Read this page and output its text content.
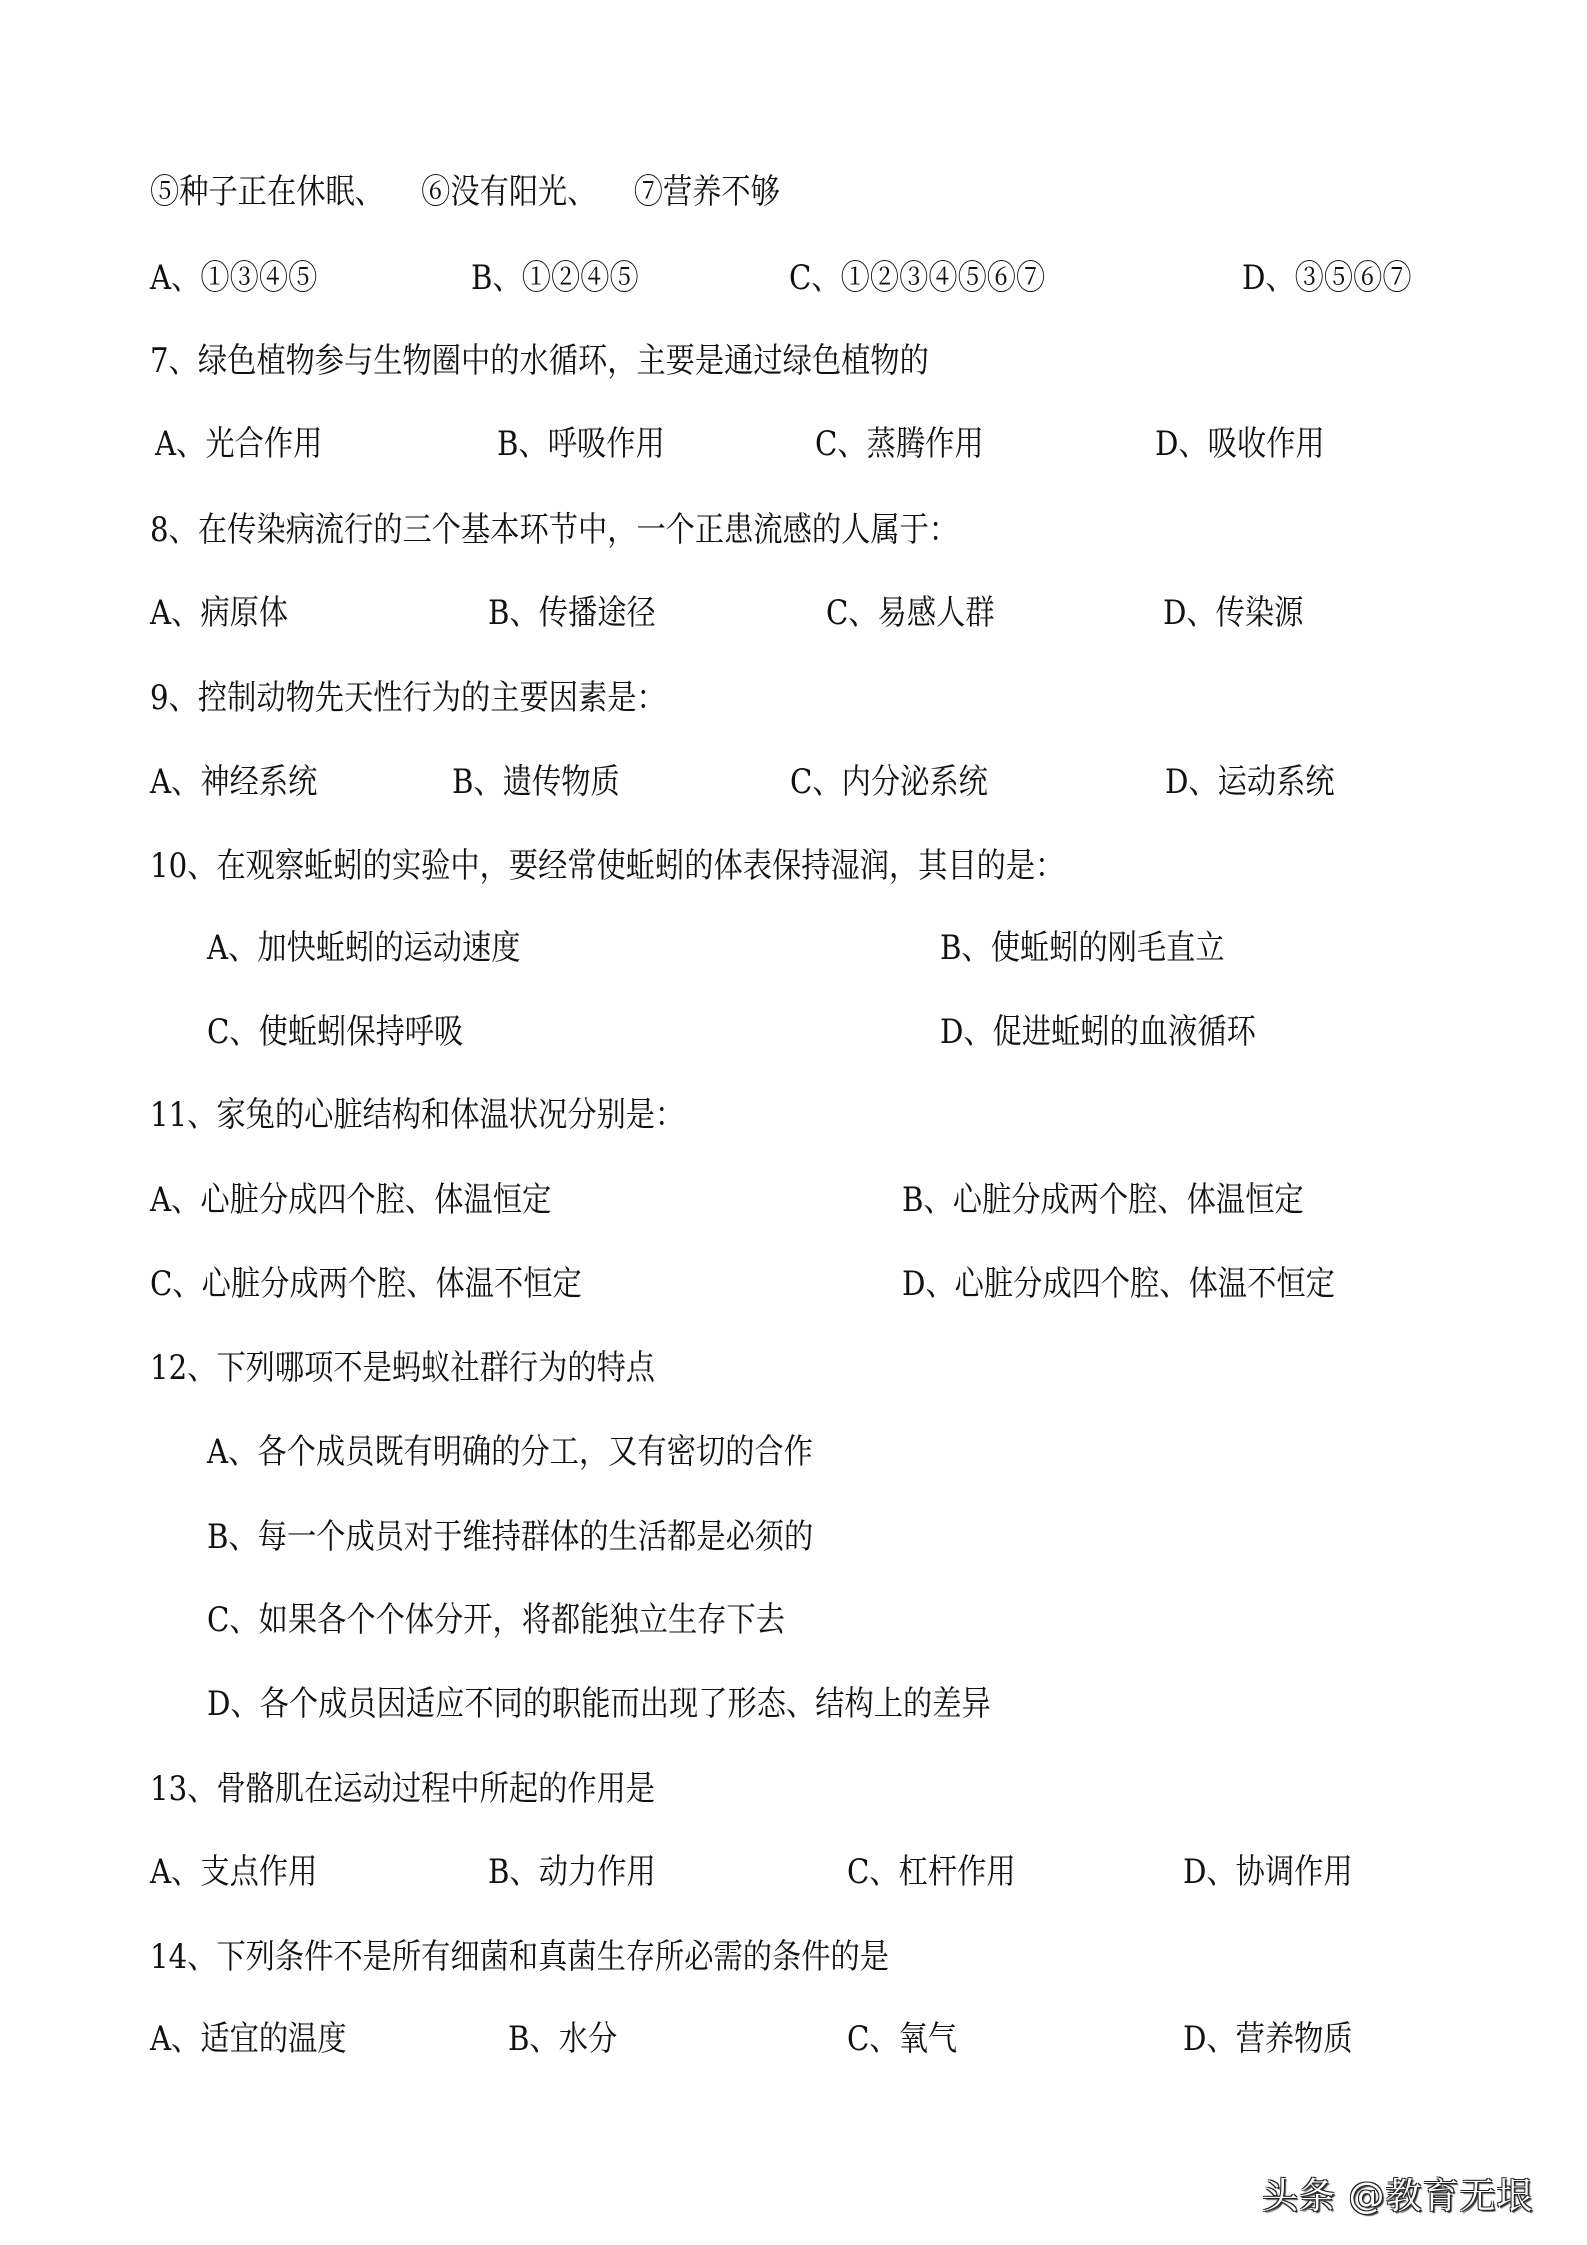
⑤种子正在休眠、    ⑥没有阳光、    ⑦营养不够
A、①③④⑤	B、①②④⑤	C、①②③④⑤⑥⑦	D、③⑤⑥⑦
7、绿色植物参与生物圈中的水循环，主要是通过绿色植物的
A、光合作用	B、呼吸作用	C、蒸腾作用	D、吸收作用
8、在传染病流行的三个基本环节中，一个正患流感的人属于：
A、病原体	B、传播途径	C、易感人群	D、传染源
9、控制动物先天性行为的主要因素是：
A、神经系统	B、遗传物质	C、内分泌系统	D、运动系统
10、在观察蚯蚓的实验中，要经常使蚯蚓的体表保持湿润，其目的是：
A、加快蚯蚓的运动速度	B、使蚯蚓的刚毛直立
C、使蚯蚓保持呼吸	D、促进蚯蚓的血液循环
11、家兔的心脏结构和体温状况分别是：
A、心脏分成四个腔、体温恒定	B、心脏分成两个腔、体温恒定
C、心脏分成两个腔、体温不恒定	D、心脏分成四个腔、体温不恒定
12、下列哪项不是蚂蚁社群行为的特点
A、各个成员既有明确的分工，又有密切的合作
B、每一个成员对于维持群体的生活都是必须的
C、如果各个个体分开，将都能独立生存下去
D、各个成员因适应不同的职能而出现了形态、结构上的差异
13、骨骼肌在运动过程中所起的作用是
A、支点作用	B、动力作用	C、杠杆作用	D、协调作用
14、下列条件不是所有细菌和真菌生存所必需的条件的是
A、适宜的温度	B、水分	C、氧气	D、营养物质
头条 @教育无垠
